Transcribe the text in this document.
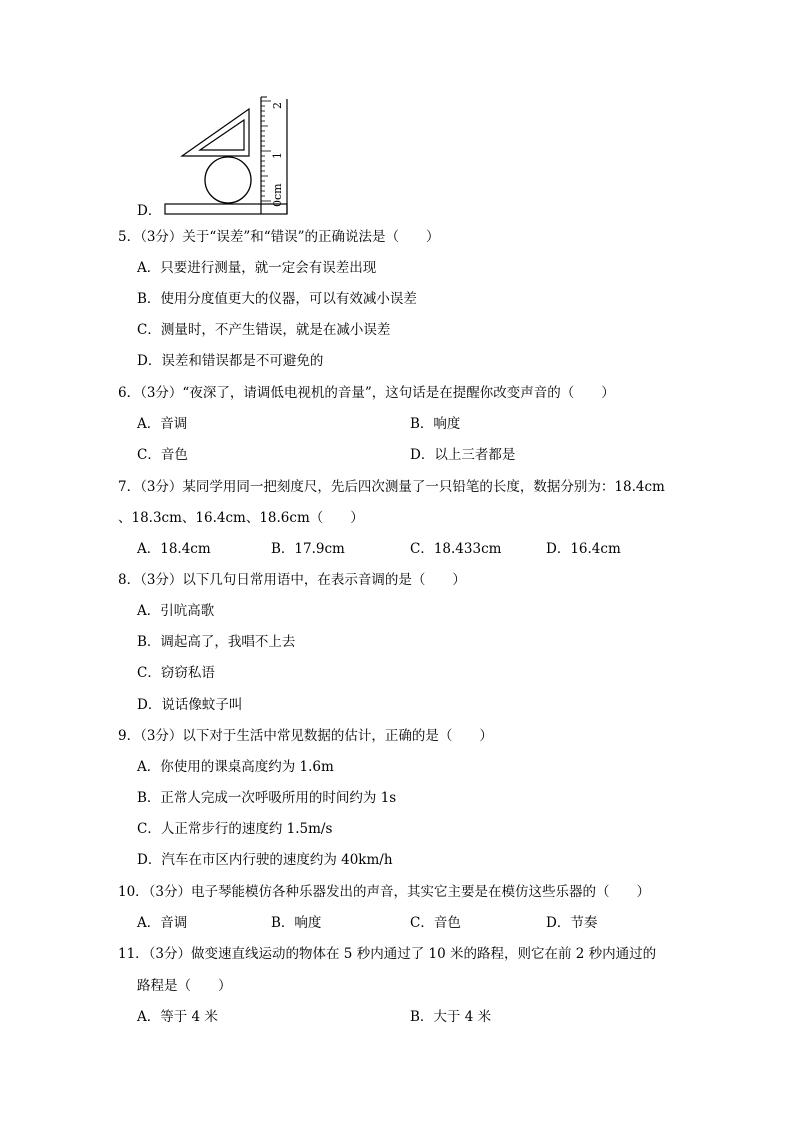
0cm
1
2
D．
5．（3分）关于“误差”和“错误”的正确说法是（　　）
A．只要进行测量，就一定会有误差出现
B．使用分度值更大的仪器，可以有效减小误差
C．测量时，不产生错误，就是在减小误差
D．误差和错误都是不可避免的
6．（3分）“夜深了，请调低电视机的音量”，这句话是在提醒你改变声音的（　　）
A．音调	B．响度
C．音色	D．以上三者都是
7．（3分）某同学用同一把刻度尺，先后四次测量了一只铅笔的长度，数据分别为：18.4cm
、18.3cm、16.4cm、18.6cm（　　）
A．18.4cm	B．17.9cm	C．18.433cm	D．16.4cm
8．（3分）以下几句日常用语中，在表示音调的是（　　）
A．引吭高歌
B．调起高了，我唱不上去
C．窃窃私语
D．说话像蚊子叫
9．（3分）以下对于生活中常见数据的估计，正确的是（　　）
A．你使用的课桌高度约为 1.6m
B．正常人完成一次呼吸所用的时间约为 1s
C．人正常步行的速度约 1.5m/s
D．汽车在市区内行驶的速度约为 40km/h
10．（3分）电子琴能模仿各种乐器发出的声音，其实它主要是在模仿这些乐器的（　　）
A．音调	B．响度	C．音色	D．节奏
11．（3分）做变速直线运动的物体在 5 秒内通过了 10 米的路程，则它在前 2 秒内通过的
路程是（　　）
A．等于 4 米	B．大于 4 米
